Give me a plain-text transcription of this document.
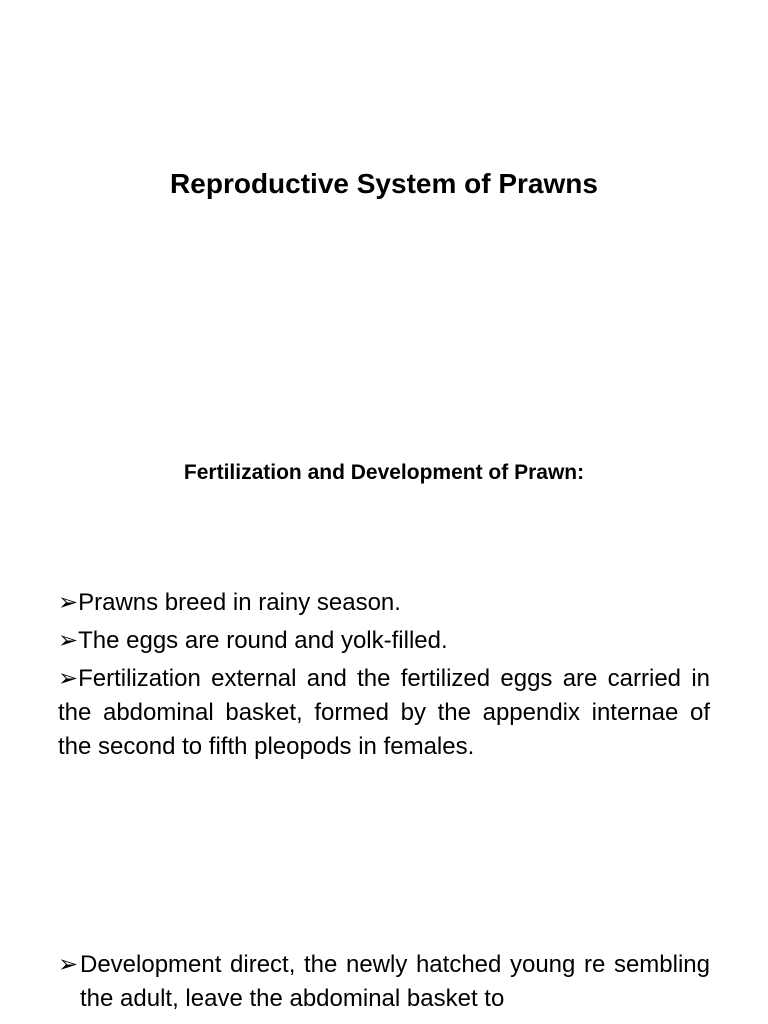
Reproductive System of Prawns
Fertilization and Development of Prawn:
➢Prawns breed in rainy season.
➢The eggs are round and yolk-filled.
➢Fertilization external and the fertilized eggs are carried in the abdominal basket, formed by the appendix internae of the second to fifth pleopods in females.
➢Development direct, the newly hatched young re sembling the adult, leave the abdominal basket to
